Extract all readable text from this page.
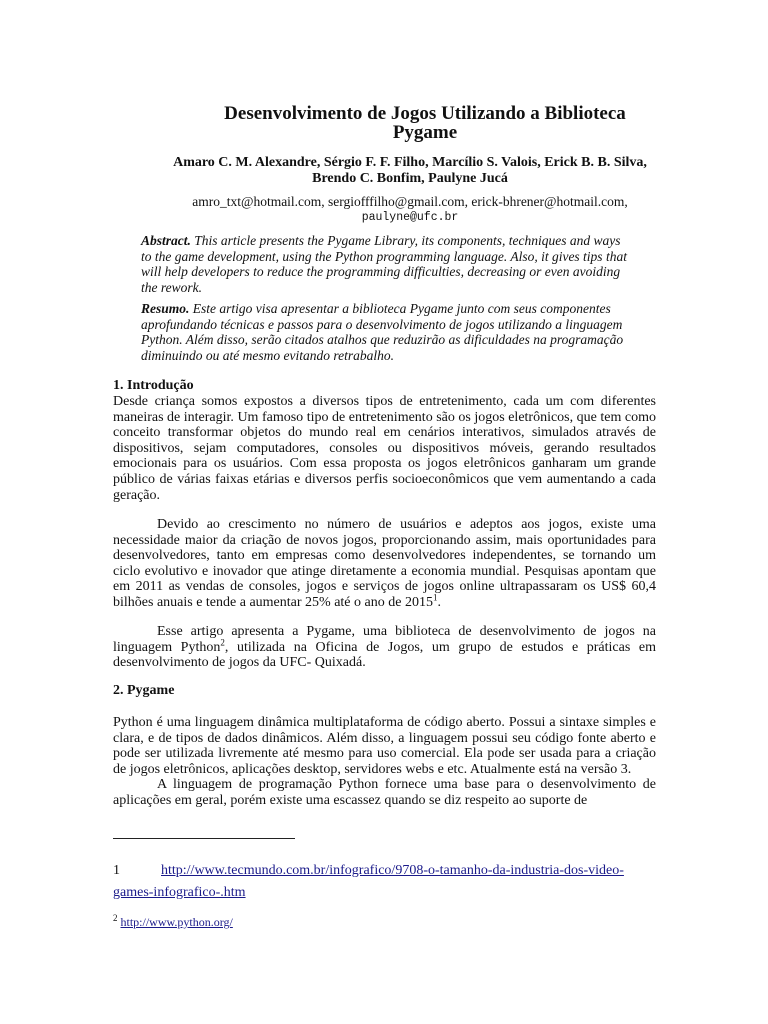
Desenvolvimento de Jogos Utilizando a Biblioteca
Pygame
Amaro C. M. Alexandre, Sérgio F. F. Filho, Marcílio S. Valois, Erick B. B. Silva,
Brendo C. Bonfim, Paulyne Jucá
amro_txt@hotmail.com, sergiofffilho@gmail.com, erick-bhrener@hotmail.com,
paulyne@ufc.br
Abstract. This article presents the Pygame Library, its components, techniques and ways to the game development, using the Python programming language. Also, it gives tips that will help developers to reduce the programming difficulties, decreasing or even avoiding the rework.
Resumo. Este artigo visa apresentar a biblioteca Pygame junto com seus componentes aprofundando técnicas e passos para o desenvolvimento de jogos utilizando a linguagem Python. Além disso, serão citados atalhos que reduzirão as dificuldades na programação diminuindo ou até mesmo evitando retrabalho.
1. Introdução

Desde criança somos expostos a diversos tipos de entretenimento, cada um com diferentes maneiras de interagir. Um famoso tipo de entretenimento são os jogos eletrônicos, que tem como conceito transformar objetos do mundo real em cenários interativos, simulados através de dispositivos, sejam computadores, consoles ou dispositivos móveis, gerando resultados emocionais para os usuários. Com essa proposta os jogos eletrônicos ganharam um grande público de várias faixas etárias e diversos perfis socioeconômicos que vem aumentando a cada geração.

Devido ao crescimento no número de usuários e adeptos aos jogos, existe uma necessidade maior da criação de novos jogos, proporcionando assim, mais oportunidades para desenvolvedores, tanto em empresas como desenvolvedores independentes, se tornando um ciclo evolutivo e inovador que atinge diretamente a economia mundial. Pesquisas apontam que em 2011 as vendas de consoles, jogos e serviços de jogos online ultrapassaram os US$ 60,4 bilhões anuais e tende a aumentar 25% até o ano de 2015$^1$.

Esse artigo apresenta a Pygame, uma biblioteca de desenvolvimento de jogos na linguagem Python$^2$, utilizada na Oficina de Jogos, um grupo de estudos e práticas em desenvolvimento de jogos da UFC- Quixadá.

2. Pygame

Python é uma linguagem dinâmica multiplataforma de código aberto. Possui a sintaxe simples e clara, e de tipos de dados dinâmicos. Além disso, a linguagem possui seu código fonte aberto e pode ser utilizada livremente até mesmo para uso comercial. Ela pode ser usada para a criação de jogos eletrônicos, aplicações desktop, servidores webs e etc. Atualmente está na versão 3.

A linguagem de programação Python fornece uma base para o desenvolvimento de aplicações em geral, porém existe uma escassez quando se diz respeito ao suporte de

1	http://www.tecmundo.com.br/infografico/9708-o-tamanho-da-industria-dos-video-games-infografico-.htm
$^2$ http://www.python.org/
